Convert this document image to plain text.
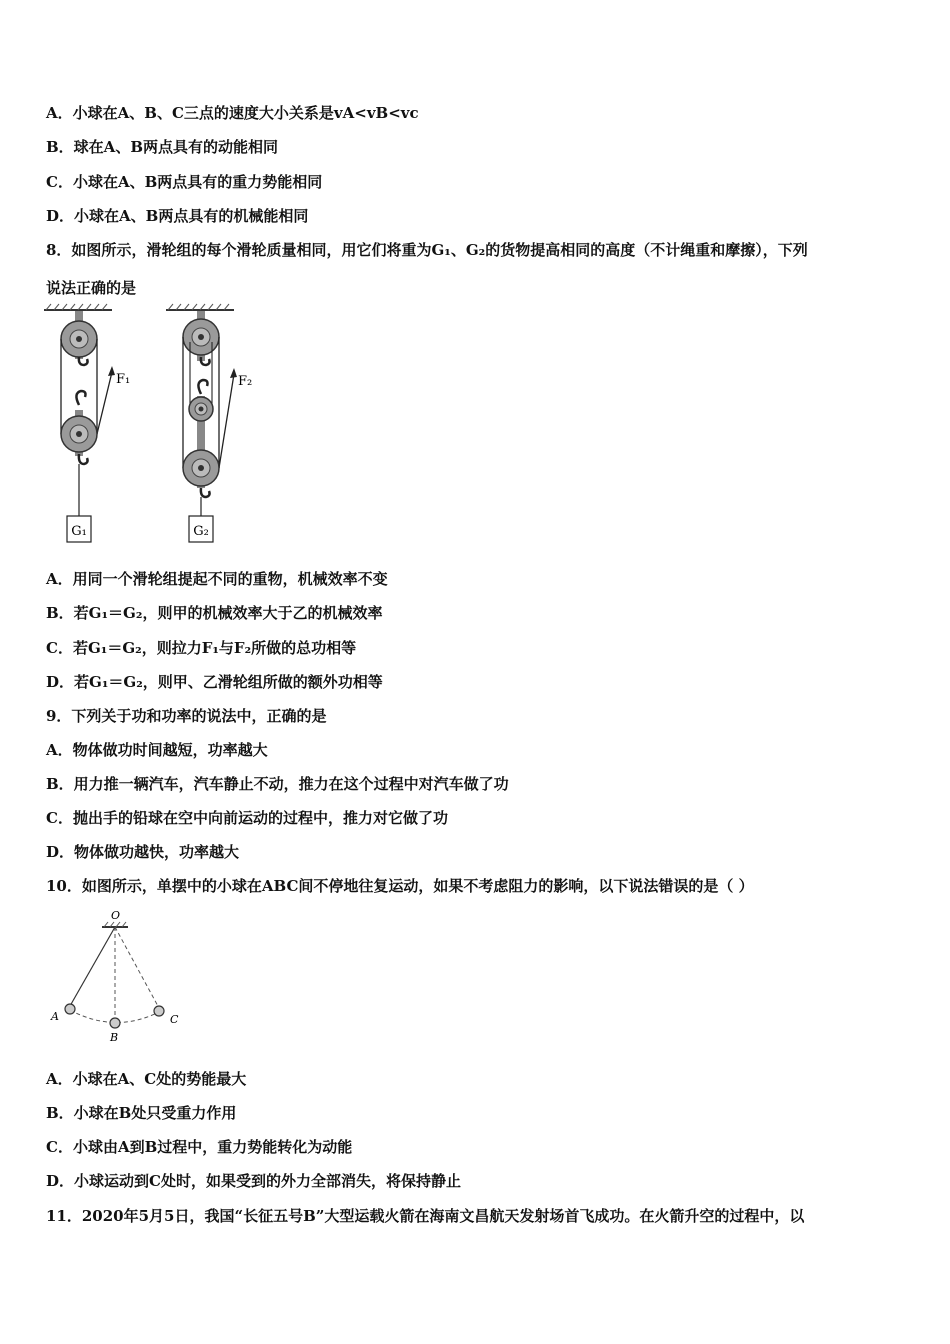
A．小球在A、B、C三点的速度大小关系是vA<vB<vc
B．球在A、B两点具有的动能相同
C．小球在A、B两点具有的重力势能相同
D．小球在A、B两点具有的机械能相同
8．如图所示，滑轮组的每个滑轮质量相同，用它们将重为G₁、G₂的货物提高相同的高度（不计绳重和摩擦），下列
说法正确的是
G₁
F₁
G₂
F₂
A．用同一个滑轮组提起不同的重物，机械效率不变
B．若G₁＝G₂，则甲的机械效率大于乙的机械效率
C．若G₁＝G₂，则拉力F₁与F₂所做的总功相等
D．若G₁＝G₂，则甲、乙滑轮组所做的额外功相等
9．下列关于功和功率的说法中，正确的是
A．物体做功时间越短，功率越大
B．用力推一辆汽车，汽车静止不动，推力在这个过程中对汽车做了功
C．抛出手的铅球在空中向前运动的过程中，推力对它做了功
D．物体做功越快，功率越大
10．如图所示，单摆中的小球在ABC间不停地往复运动，如果不考虑阻力的影响，以下说法错误的是（ ）
O
A
B
C
A．小球在A、C处的势能最大
B．小球在B处只受重力作用
C．小球由A到B过程中，重力势能转化为动能
D．小球运动到C处时，如果受到的外力全部消失，将保持静止
11．2020年5月5日，我国“长征五号B”大型运载火箭在海南文昌航天发射场首飞成功。在火箭升空的过程中，以
